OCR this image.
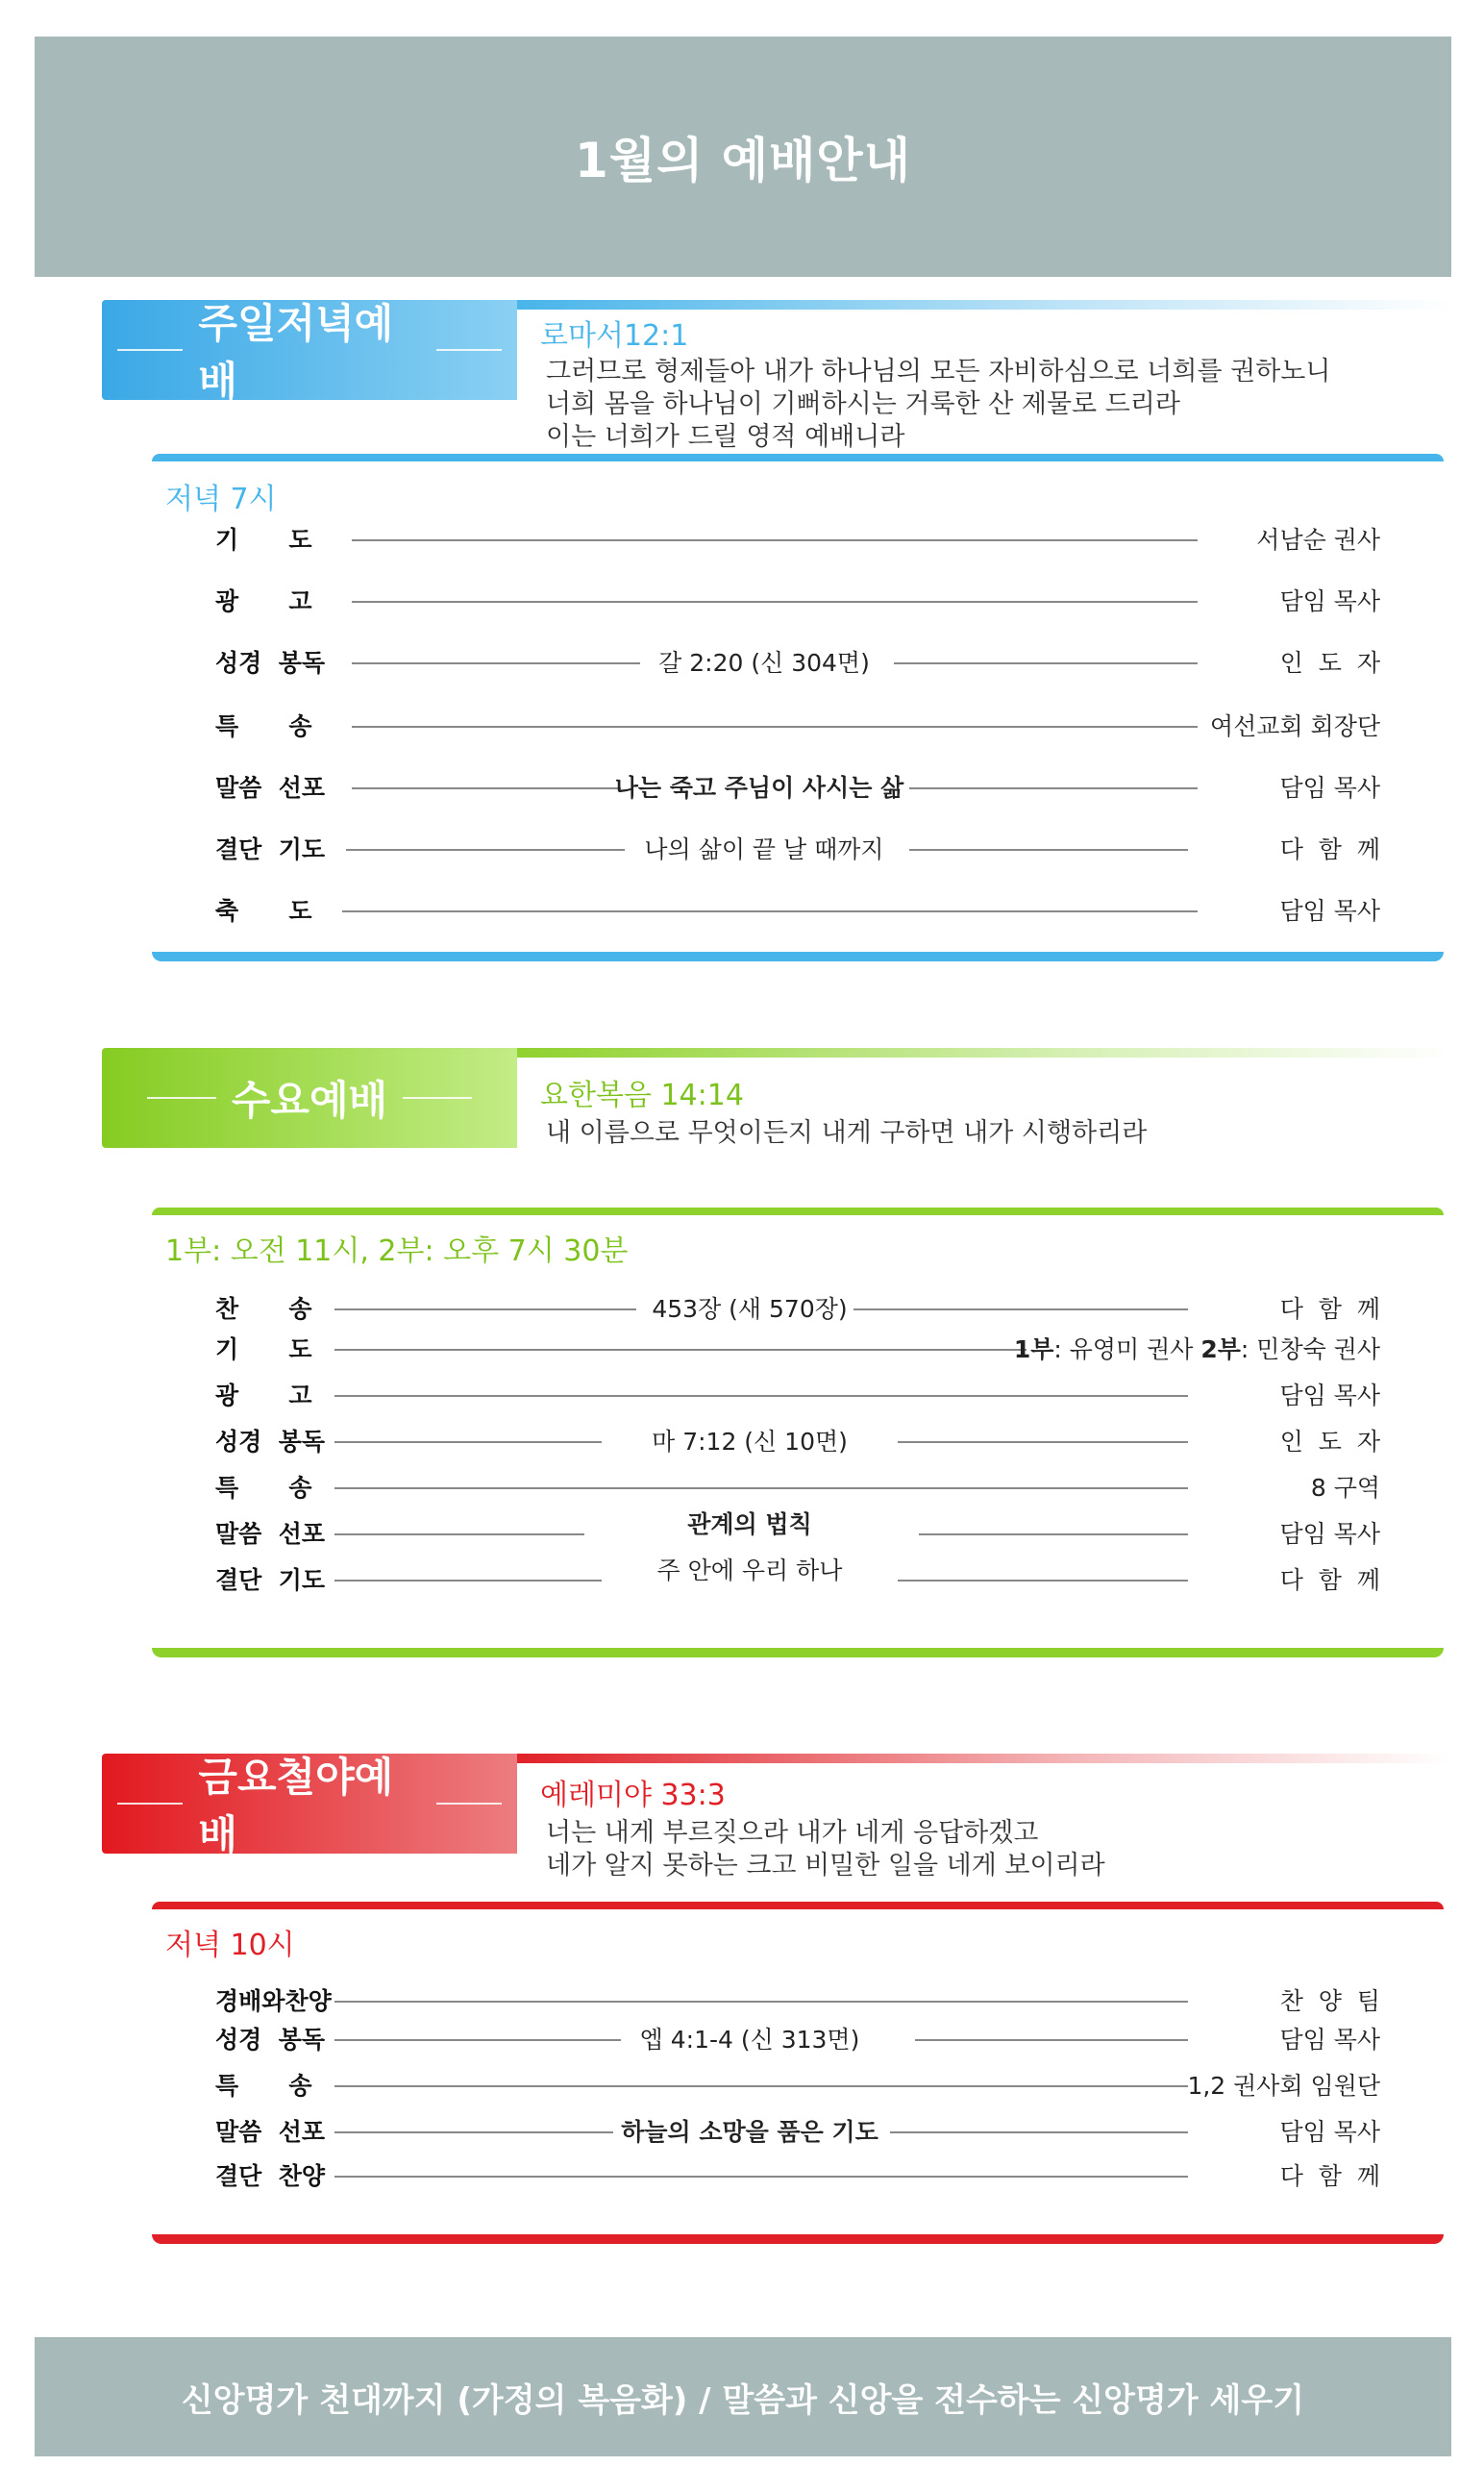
1월의 예배안내
주일저녁예배
로마서12:1
그러므로 형제들아 내가 하나님의 모든 자비하심으로 너희를 권하노니
너희 몸을 하나님이 기뻐하시는 거룩한 산 제물로 드리라
이는 너희가 드릴 영적 예배니라
저녁 7시
기      도	서남순 권사
광      고	담임 목사
성경  봉독	갈 2:20 (신 304면)	인  도  자
특      송	여선교회 회장단
말씀  선포	나는 죽고 주님이 사시는 삶	담임 목사
결단  기도	나의 삶이 끝 날 때까지	다  함  께
축      도	담임 목사
수요예배	요한복음 14:14
내 이름으로 무엇이든지 내게 구하면 내가 시행하리라
1부: 오전 11시, 2부: 오후 7시 30분
찬      송	453장 (새 570장)	다  함  께
기      도	1부: 유영미 권사 2부: 민창숙 권사
광      고	담임 목사
성경  봉독	마 7:12 (신 10면)	인  도  자
특      송	8 구역
말씀  선포	관계의 법칙	담임 목사
결단  기도	주 안에 우리 하나	다  함  께
금요철야예배
예레미야 33:3
너는 내게 부르짖으라 내가 네게 응답하겠고
네가 알지 못하는 크고 비밀한 일을 네게 보이리라
저녁 10시
경배와찬양	찬  양  팀
성경  봉독	엡 4:1-4 (신 313면)	담임 목사
특      송	1,2 권사회 임원단
말씀  선포	하늘의 소망을 품은 기도	담임 목사
결단  찬양	다  함  께
신앙명가 천대까지 (가정의 복음화) / 말씀과 신앙을 전수하는 신앙명가 세우기
